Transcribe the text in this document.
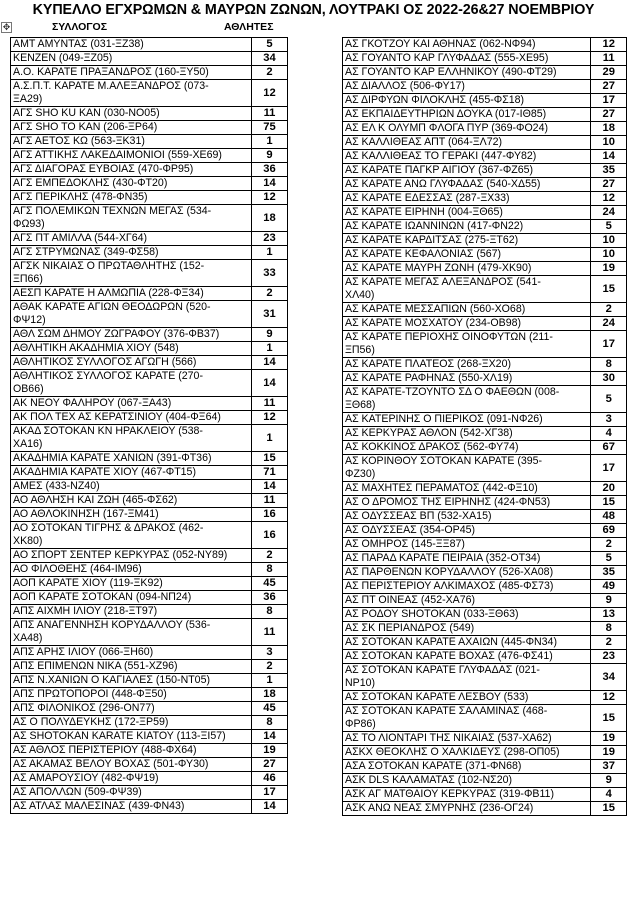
ΚΥΠΕΛΛΟ ΕΓΧΡΩΜΩΝ & ΜΑΥΡΩΝ ΖΩΝΩΝ, ΛΟΥΤΡΑΚΙ ΟΣ 2022-26&27 ΝΟΕΜΒΡΙΟΥ
✥	ΣΥΛΛΟΓΟΣ	ΑΘΛΗΤΕΣ
ΑΜΤ ΑΜΥΝΤΑΣ (031-ΞΖ38)	5
ΚΕΝΖΕΝ (049-ΞΖ05)	34
Α.Ο. ΚΑΡΑΤΕ ΠΡΑΞΑΝΔΡΟΣ (160-ΞΥ50)	2
Α.Σ.Π.Τ. ΚΑΡΑΤΕ Μ.ΑΛΕΞΑΝΔΡΟΣ (073-
ΞΑ29)	12
ΑΓΣ SHO KU KAN (030-ΝΟ05)	11
ΑΓΣ SHO TO KAN (206-ΞΡ64)	75
ΑΓΣ ΑΕΤΟΣ ΚΩ (563-ΞΚ31)	1
ΑΓΣ ΑΤΤΙΚΗΣ ΛΑΚΕΔΑΙΜΟΝΙΟΙ (559-ΧΕ69)	9
ΑΓΣ ΔΙΑΓΟΡΑΣ ΕΥΒΟΙΑΣ (470-ΦΡ95)	36
ΑΓΣ ΕΜΠΕΔΟΚΛΗΣ (430-ΦΤ20)	14
ΑΓΣ ΠΕΡΙΚΛΗΣ (478-ΦΝ35)	12
ΑΓΣ ΠΟΛΕΜΙΚΩΝ ΤΕΧΝΩΝ ΜΕΓΑΣ (534-
ΦΩ93)	18
ΑΓΣ ΠΤ ΑΜΙΛΛΑ (544-ΧΓ64)	23
ΑΓΣ ΣΤΡΥΜΩΝΑΣ (349-ΦΣ58)	1
ΑΓΣΚ ΝΙΚΑΙΑΣ Ο ΠΡΩΤΑΘΛΗΤΗΣ (152-
ΞΠ66)	33
ΑΕΣΠ ΚΑΡΑΤΕ Η ΑΛΜΩΠΙΑ (228-ΦΞ34)	2
ΑΘΑΚ ΚΑΡΑΤΕ ΑΓΙΩΝ ΘΕΟΔΩΡΩΝ (520-
ΦΨ12)	31
ΑΘΛ ΣΩΜ ΔΗΜΟΥ ΖΩΓΡΑΦΟΥ (376-ΦΒ37)	9
ΑΘΛΗΤΙΚΗ ΑΚΑΔΗΜΙΑ ΧΙΟΥ (548)	1
ΑΘΛΗΤΙΚΟΣ ΣΥΛΛΟΓΟΣ ΑΓΩΓΗ (566)	14
ΑΘΛΗΤΙΚΟΣ ΣΥΛΛΟΓΟΣ ΚΑΡΑΤΕ (270-
ΟΒ66)	14
ΑΚ ΝΕΟΥ ΦΑΛΗΡΟΥ (067-ΞΑ43)	11
ΑΚ ΠΟΛ ΤΕΧ ΑΣ ΚΕΡΑΤΣΙΝΙΟΥ (404-ΦΞ64)	12
ΑΚΑΔ ΣΟΤΟΚΑΝ ΚΝ ΗΡΑΚΛΕΙΟΥ (538-
ΧΑ16)	1
ΑΚΑΔΗΜΙΑ ΚΑΡΑΤΕ ΧΑΝΙΩΝ (391-ΦΤ36)	15
ΑΚΑΔΗΜΙΑ ΚΑΡΑΤΕ ΧΙΟΥ (467-ΦΤ15)	71
ΑΜΕΣ (433-ΝΖ40)	14
ΑΟ ΑΘΛΗΣΗ ΚΑΙ ΖΩΗ (465-ΦΣ62)	11
ΑΟ ΑΘΛΟΚΙΝΗΣΗ (167-ΞΜ41)	16
ΑΟ ΣΟΤΟΚΑΝ ΤΙΓΡΗΣ & ΔΡΑΚΟΣ (462-
ΧΚ80)	16
ΑΟ ΣΠΟΡΤ ΣΕΝΤΕΡ ΚΕΡΚΥΡΑΣ (052-ΝΥ89)	2
ΑΟ ΦΙΛΟΘΕΗΣ (464-ΙΜ96)	8
ΑΟΠ ΚΑΡΑΤΕ ΧΙΟΥ (119-ΞΚ92)	45
ΑΟΠ ΚΑΡΑΤΕ ΣΟΤΟΚΑΝ (094-ΝΠ24)	36
ΑΠΣ ΑΙΧΜΗ ΙΛΙΟΥ (218-ΞΤ97)	8
ΑΠΣ ΑΝΑΓΕΝΝΗΣΗ ΚΟΡΥΔΑΛΛΟΥ (536-
ΧΑ48)	11
ΑΠΣ ΑΡΗΣ ΙΛΙΟΥ (066-ΞΗ60)	3
ΑΠΣ ΕΠΙΜΕΝΩΝ ΝΙΚΑ (551-ΧΖ96)	2
ΑΠΣ Ν.ΧΑΝΙΩΝ Ο ΚΑΓΙΑΛΕΣ (150-ΝΤ05)	1
ΑΠΣ ΠΡΩΤΟΠΟΡΟΙ (448-ΦΞ50)	18
ΑΠΣ ΦΙΛΟΝΙΚΟΣ (296-ΟΝ77)	45
ΑΣ Ο ΠΟΛΥΔΕΥΚΗΣ (172-ΞΡ59)	8
ΑΣ SHOTOKAN KARATE ΚΙΑΤΟΥ (113-ΞΙ57)	14
ΑΣ ΑΘΛΟΣ ΠΕΡΙΣΤΕΡΙΟΥ (488-ΦΧ64)	19
ΑΣ ΑΚΑΜΑΣ ΒΕΛΟΥ ΒΟΧΑΣ (501-ΦΥ30)	27
ΑΣ ΑΜΑΡΟΥΣΙΟΥ (482-ΦΨ19)	46
ΑΣ ΑΠΟΛΛΩΝ (509-ΦΨ39)	17
ΑΣ ΑΤΛΑΣ ΜΑΛΕΣΙΝΑΣ (439-ΦΝ43)	14
ΑΣ ΓΚΟΤΖΟΥ ΚΑΙ ΑΘΗΝΑΣ (062-ΝΦ94)	12
ΑΣ ΓΟΥΑΝΤΟ ΚΑΡ ΓΛΥΦΑΔΑΣ (555-ΧΕ95)	11
ΑΣ ΓΟΥΑΝΤΟ ΚΑΡ ΕΛΛΗΝΙΚΟΥ (490-ΦΤ29)	29
ΑΣ ΔΙΑΛΛΟΣ (506-ΦΥ17)	27
ΑΣ ΔΙΡΦΥΩΝ ΦΙΛΟΚΛΗΣ (455-ΦΣ18)	17
ΑΣ ΕΚΠΑΙΔΕΥΤΗΡΙΩΝ ΔΟΥΚΑ (017-ΙΘ85)	27
ΑΣ ΕΛ Κ ΟΛΥΜΠ ΦΛΟΓΑ ΠΥΡ (369-ΦΟ24)	18
ΑΣ ΚΑΛΛΙΘΕΑΣ ΑΠΤ (064-ΞΛ72)	10
ΑΣ ΚΑΛΛΙΘΕΑΣ ΤΟ ΓΕΡΑΚΙ (447-ΦΥ82)	14
ΑΣ ΚΑΡΑΤΕ ΠΑΓΚΡ ΑΙΓΙΟΥ (367-ΦΖ65)	35
ΑΣ ΚΑΡΑΤΕ ΑΝΩ ΓΛΥΦΑΔΑΣ (540-ΧΔ55)	27
ΑΣ ΚΑΡΑΤΕ ΕΔΕΣΣΑΣ (287-ΞΧ33)	12
ΑΣ ΚΑΡΑΤΕ ΕΙΡΗΝΗ (004-ΞΘ65)	24
ΑΣ ΚΑΡΑΤΕ ΙΩΑΝΝΙΝΩΝ (417-ΦΝ22)	5
ΑΣ ΚΑΡΑΤΕ ΚΑΡΔΙΤΣΑΣ (275-ΞΤ62)	10
ΑΣ ΚΑΡΑΤΕ ΚΕΦΑΛΟΝΙΑΣ (567)	10
ΑΣ ΚΑΡΑΤΕ ΜΑΥΡΗ ΖΩΝΗ (479-ΧΚ90)	19
ΑΣ ΚΑΡΑΤΕ ΜΕΓΑΣ ΑΛΕΞΑΝΔΡΟΣ (541-
ΧΛ40)	15
ΑΣ ΚΑΡΑΤΕ ΜΕΣΣΑΠΙΩΝ (560-ΧΟ68)	2
ΑΣ ΚΑΡΑΤΕ ΜΟΣΧΑΤΟΥ (234-ΟΒ98)	24
ΑΣ ΚΑΡΑΤΕ ΠΕΡΙΟΧΗΣ ΟΙΝΟΦΥΤΩΝ (211-
ΞΠ56)	17
ΑΣ ΚΑΡΑΤΕ ΠΛΑΤΕΟΣ (268-ΞΧ20)	8
ΑΣ ΚΑΡΑΤΕ ΡΑΦΗΝΑΣ (550-ΧΛ19)	30
ΑΣ ΚΑΡΑΤΕ-ΤΖΟΥΝΤΟ ΣΔ Ο ΦΑΕΘΩΝ (008-
ΞΘ68)	5
ΑΣ ΚΑΤΕΡΙΝΗΣ Ο ΠΙΕΡΙΚΟΣ (091-ΝΦ26)	3
ΑΣ ΚΕΡΚΥΡΑΣ ΑΘΛΟΝ (542-ΧΓ38)	4
ΑΣ ΚΟΚΚΙΝΟΣ ΔΡΑΚΟΣ (562-ΦΥ74)	67
ΑΣ ΚΟΡΙΝΘΟΥ ΣΟΤΟΚΑΝ ΚΑΡΑΤΕ (395-
ΦΖ30)	17
ΑΣ ΜΑΧΗΤΕΣ ΠΕΡΑΜΑΤΟΣ (442-ΦΞ10)	20
ΑΣ Ο ΔΡΟΜΟΣ ΤΗΣ ΕΙΡΗΝΗΣ (424-ΦΝ53)	15
ΑΣ ΟΔΥΣΣΕΑΣ ΒΠ (532-ΧΑ15)	48
ΑΣ ΟΔΥΣΣΕΑΣ (354-ΟΡ45)	69
ΑΣ ΟΜΗΡΟΣ (145-ΞΞ87)	2
ΑΣ ΠΑΡΑΔ ΚΑΡΑΤΕ ΠΕΙΡΑΙΑ (352-ΟΤ34)	5
ΑΣ ΠΑΡΘΕΝΩΝ ΚΟΡΥΔΑΛΛΟΥ (526-ΧΑ08)	35
ΑΣ ΠΕΡΙΣΤΕΡΙΟΥ ΑΛΚΙΜΑΧΟΣ (485-ΦΣ73)	49
ΑΣ ΠΤ ΟΙΝΕΑΣ (452-ΧΑ76)	9
ΑΣ ΡΟΔΟΥ SHOTOKAN (033-ΞΘ63)	13
ΑΣ ΣΚ ΠΕΡΙΑΝΔΡΟΣ (549)	8
ΑΣ ΣΟΤΟΚΑΝ ΚΑΡΑΤΕ ΑΧΑΙΩΝ (445-ΦΝ34)	2
ΑΣ ΣΟΤΟΚΑΝ ΚΑΡΑΤΕ ΒΟΧΑΣ (476-ΦΣ41)	23
ΑΣ ΣΟΤΟΚΑΝ ΚΑΡΑΤΕ ΓΛΥΦΑΔΑΣ (021-
ΝΡ10)	34
ΑΣ ΣΟΤΟΚΑΝ ΚΑΡΑΤΕ ΛΕΣΒΟΥ (533)	12
ΑΣ ΣΟΤΟΚΑΝ ΚΑΡΑΤΕ ΣΑΛΑΜΙΝΑΣ (468-
ΦΡ86)	15
ΑΣ ΤΟ ΛΙΟΝΤΑΡΙ ΤΗΣ ΝΙΚΑΙΑΣ (537-ΧΑ62)	19
ΑΣΚΧ ΘΕΟΚΛΗΣ Ο ΧΑΛΚΙΔΕΥΣ (298-ΟΠ05)	19
ΑΣΑ ΣΟΤΟΚΑΝ ΚΑΡΑΤΕ (371-ΦΝ68)	37
ΑΣΚ DLS ΚΑΛΑΜΑΤΑΣ (102-ΝΣ20)	9
ΑΣΚ ΑΓ ΜΑΤΘΑΙΟΥ ΚΕΡΚΥΡΑΣ (319-ΦΒ11)	4
ΑΣΚ ΑΝΩ ΝΕΑΣ ΣΜΥΡΝΗΣ (236-ΟΓ24)	15
